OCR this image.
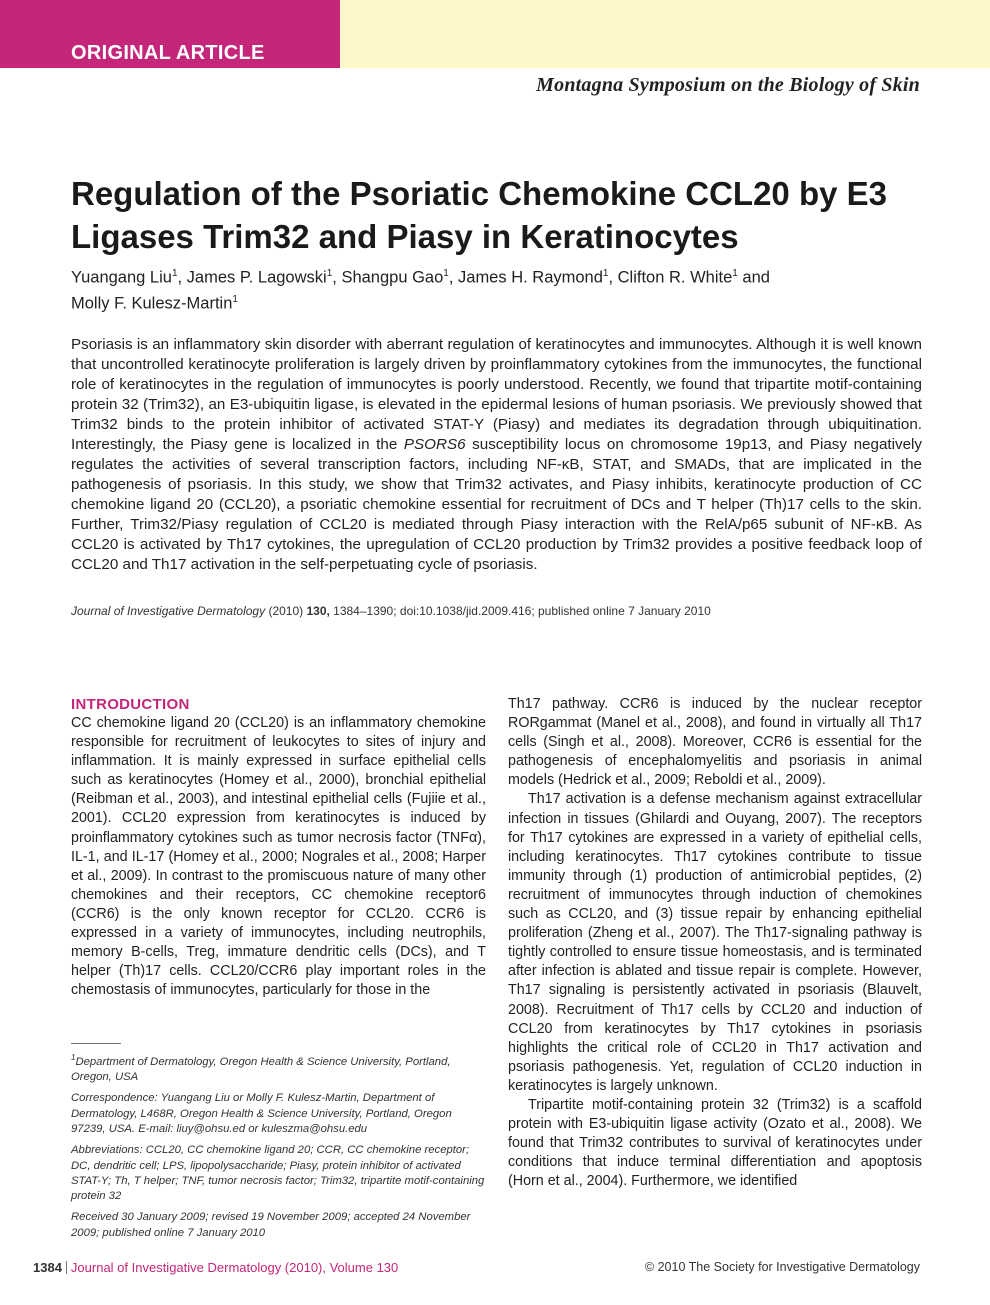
ORIGINAL ARTICLE
Montagna Symposium on the Biology of Skin
Regulation of the Psoriatic Chemokine CCL20 by E3 Ligases Trim32 and Piasy in Keratinocytes
Yuangang Liu$^1$, James P. Lagowski$^1$, Shangpu Gao$^1$, James H. Raymond$^1$, Clifton R. White$^1$ and
Molly F. Kulesz-Martin$^1$
Psoriasis is an inflammatory skin disorder with aberrant regulation of keratinocytes and immunocytes. Although it is well known that uncontrolled keratinocyte proliferation is largely driven by proinflammatory cytokines from the immunocytes, the functional role of keratinocytes in the regulation of immunocytes is poorly understood. Recently, we found that tripartite motif-containing protein 32 (Trim32), an E3-ubiquitin ligase, is elevated in the epidermal lesions of human psoriasis. We previously showed that Trim32 binds to the protein inhibitor of activated STAT-Y (Piasy) and mediates its degradation through ubiquitination. Interestingly, the Piasy gene is localized in the PSORS6 susceptibility locus on chromosome 19p13, and Piasy negatively regulates the activities of several transcription factors, including NF-κB, STAT, and SMADs, that are implicated in the pathogenesis of psoriasis. In this study, we show that Trim32 activates, and Piasy inhibits, keratinocyte production of CC chemokine ligand 20 (CCL20), a psoriatic chemokine essential for recruitment of DCs and T helper (Th)17 cells to the skin. Further, Trim32/Piasy regulation of CCL20 is mediated through Piasy interaction with the RelA/p65 subunit of NF-κB. As CCL20 is activated by Th17 cytokines, the upregulation of CCL20 production by Trim32 provides a positive feedback loop of CCL20 and Th17 activation in the self-perpetuating cycle of psoriasis.
Journal of Investigative Dermatology (2010) 130, 1384–1390; doi:10.1038/jid.2009.416; published online 7 January 2010
INTRODUCTION

CC chemokine ligand 20 (CCL20) is an inflammatory chemokine responsible for recruitment of leukocytes to sites of injury and inflammation. It is mainly expressed in surface epithelial cells such as keratinocytes (Homey et al., 2000), bronchial epithelial (Reibman et al., 2003), and intestinal epithelial cells (Fujiie et al., 2001). CCL20 expression from keratinocytes is induced by proinflammatory cytokines such as tumor necrosis factor (TNFα), IL-1, and IL-17 (Homey et al., 2000; Nograles et al., 2008; Harper et al., 2009). In contrast to the promiscuous nature of many other chemokines and their receptors, CC chemokine receptor6 (CCR6) is the only known receptor for CCL20. CCR6 is expressed in a variety of immunocytes, including neutrophils, memory B-cells, Treg, immature dendritic cells (DCs), and T helper (Th)17 cells. CCL20/CCR6 play important roles in the chemostasis of immunocytes, particularly for those in the

Th17 pathway. CCR6 is induced by the nuclear receptor RORgammat (Manel et al., 2008), and found in virtually all Th17 cells (Singh et al., 2008). Moreover, CCR6 is essential for the pathogenesis of encephalomyelitis and psoriasis in animal models (Hedrick et al., 2009; Reboldi et al., 2009).

Th17 activation is a defense mechanism against extracellular infection in tissues (Ghilardi and Ouyang, 2007). The receptors for Th17 cytokines are expressed in a variety of epithelial cells, including keratinocytes. Th17 cytokines contribute to tissue immunity through (1) production of antimicrobial peptides, (2) recruitment of immunocytes through induction of chemokines such as CCL20, and (3) tissue repair by enhancing epithelial proliferation (Zheng et al., 2007). The Th17-signaling pathway is tightly controlled to ensure tissue homeostasis, and is terminated after infection is ablated and tissue repair is complete. However, Th17 signaling is persistently activated in psoriasis (Blauvelt, 2008). Recruitment of Th17 cells by CCL20 and induction of CCL20 from keratinocytes by Th17 cytokines in psoriasis highlights the critical role of CCL20 in Th17 activation and psoriasis pathogenesis. Yet, regulation of CCL20 induction in keratinocytes is largely unknown.

Tripartite motif-containing protein 32 (Trim32) is a scaffold protein with E3-ubiquitin ligase activity (Ozato et al., 2008). We found that Trim32 contributes to survival of keratinocytes under conditions that induce terminal differentiation and apoptosis (Horn et al., 2004). Furthermore, we identified

$^1$Department of Dermatology, Oregon Health & Science University, Portland, Oregon, USA

Correspondence: Yuangang Liu or Molly F. Kulesz-Martin, Department of Dermatology, L468R, Oregon Health & Science University, Portland, Oregon 97239, USA. E-mail: liuy@ohsu.ed or kuleszma@ohsu.edu

Abbreviations: CCL20, CC chemokine ligand 20; CCR, CC chemokine receptor; DC, dendritic cell; LPS, lipopolysaccharide; Piasy, protein inhibitor of activated STAT-Y; Th, T helper; TNF, tumor necrosis factor; Trim32, tripartite motif-containing protein 32

Received 30 January 2009; revised 19 November 2009; accepted 24 November 2009; published online 7 January 2010

1384 Journal of Investigative Dermatology (2010), Volume 130	© 2010 The Society for Investigative Dermatology
